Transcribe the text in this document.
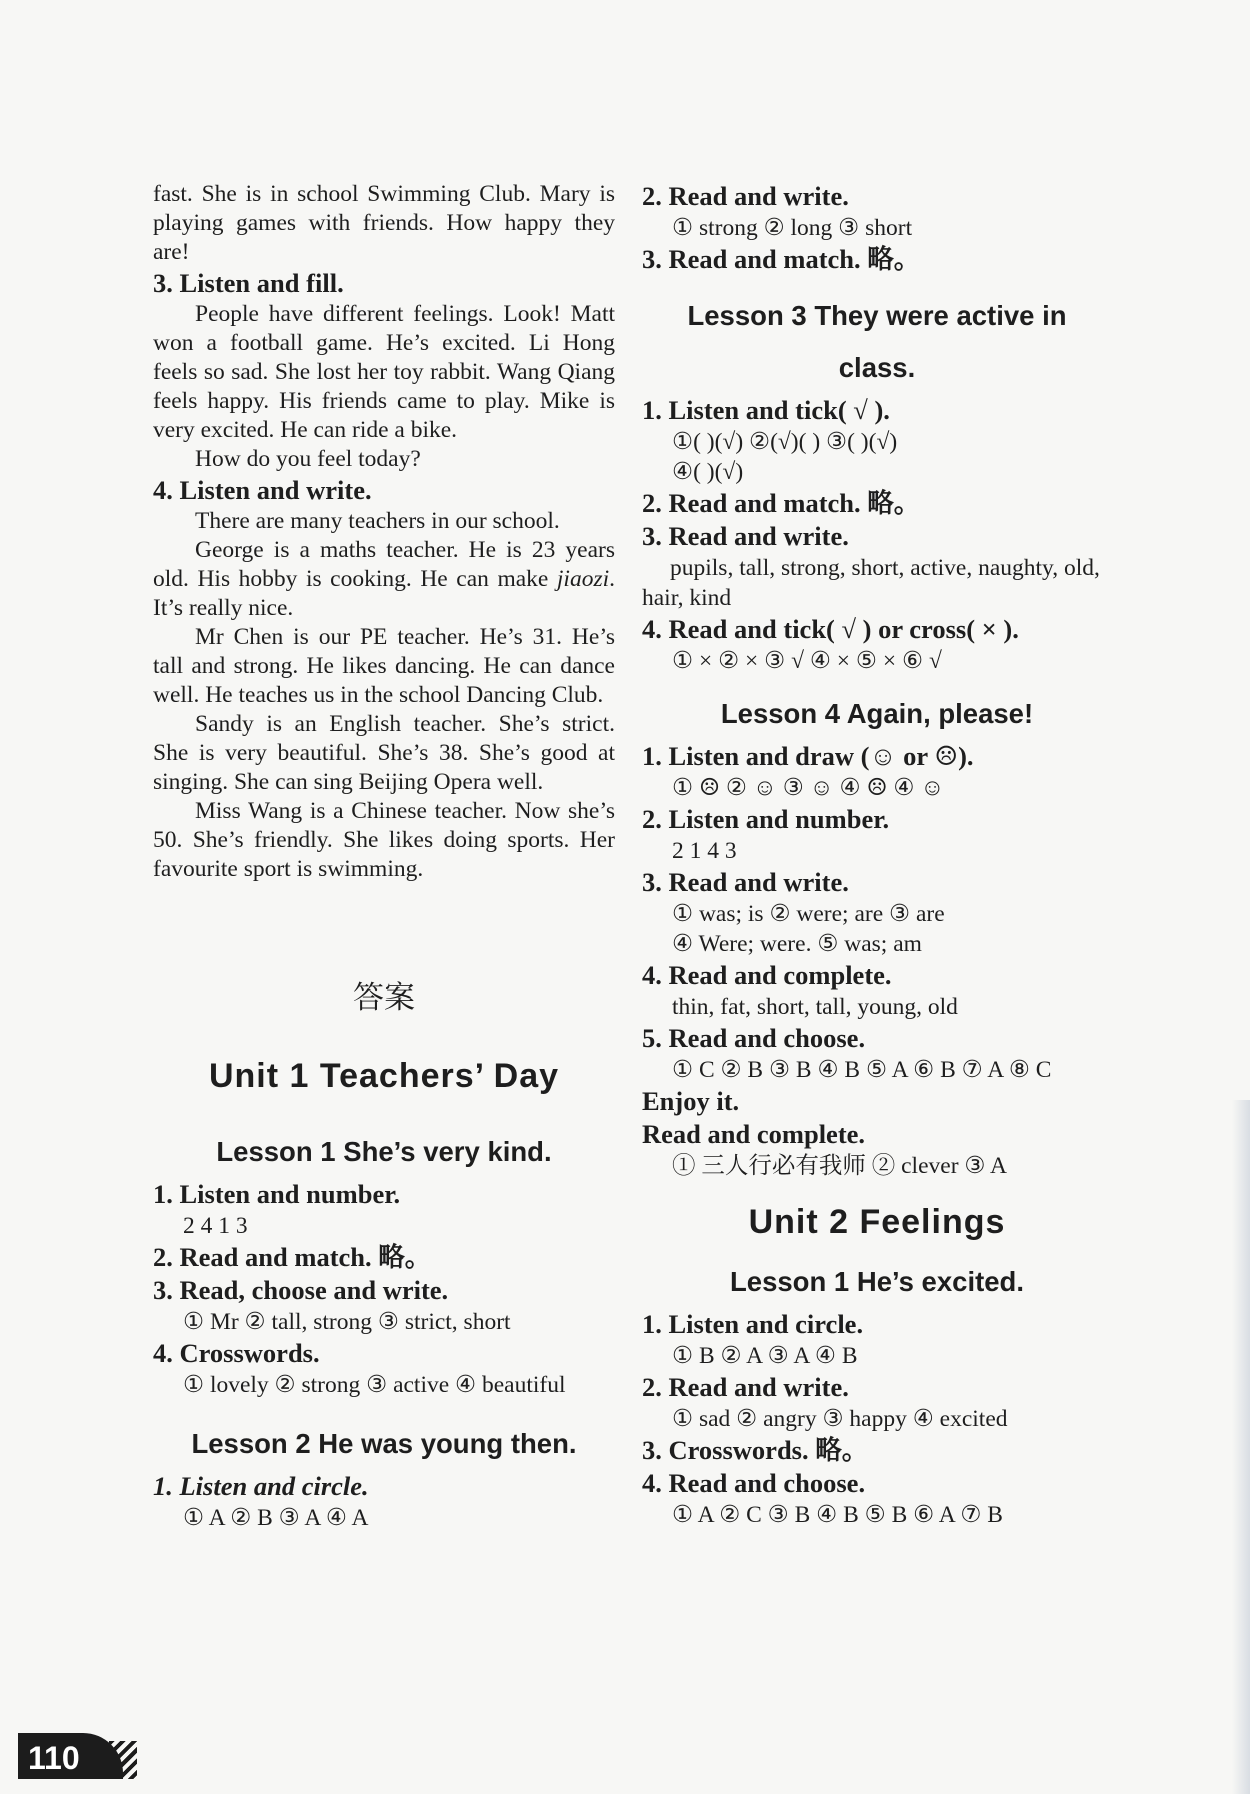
fast. She is in school Swimming Club. Mary is playing games with friends. How happy they are!

3. Listen and fill.

People have different feelings. Look! Matt won a football game. He’s excited. Li Hong feels so sad. She lost her toy rabbit. Wang Qiang feels happy. His friends came to play. Mike is very excited. He can ride a bike.

How do you feel today?

4. Listen and write.

There are many teachers in our school.

George is a maths teacher. He is 23 years old. His hobby is cooking. He can make jiaozi. It’s really nice.

Mr Chen is our PE teacher. He’s 31. He’s tall and strong. He likes dancing. He can dance well. He teaches us in the school Dancing Club.

Sandy is an English teacher. She’s strict. She is very beautiful. She’s 38. She’s good at singing. She can sing Beijing Opera well.

Miss Wang is a Chinese teacher. Now she’s 50. She’s friendly. She likes doing sports. Her favourite sport is swimming.

答案

Unit 1 Teachers’ Day

Lesson 1 She’s very kind.

1. Listen and number.

2 4 1 3

2. Read and match. 略。

3. Read, choose and write.

① Mr ② tall, strong ③ strict, short

4. Crosswords.

① lovely ② strong ③ active ④ beautiful

Lesson 2 He was young then.

1. Listen and circle.

① A ② B ③ A ④ A

2. Read and write.

① strong ② long ③ short

3. Read and match. 略。

Lesson 3 They were active in

class.

1. Listen and tick( √ ).

①( )(√) ②(√)( ) ③( )(√)

④( )(√)

2. Read and match. 略。

3. Read and write.

pupils, tall, strong, short, active, naughty, old, hair, kind

4. Read and tick( √ ) or cross( × ).

① × ② × ③ √ ④ × ⑤ × ⑥ √

Lesson 4 Again, please!

1. Listen and draw (☺ or ☹).

① ☹ ② ☺ ③ ☺ ④ ☹ ④ ☺

2. Listen and number.

2 1 4 3

3. Read and write.

① was; is ② were; are ③ are

④ Were; were. ⑤ was; am

4. Read and complete.

thin, fat, short, tall, young, old

5. Read and choose.

① C ② B ③ B ④ B ⑤ A ⑥ B ⑦ A ⑧ C

Enjoy it.

Read and complete.

① 三人行必有我师 ② clever ③ A

Unit 2 Feelings

Lesson 1 He’s excited.

1. Listen and circle.

① B ② A ③ A ④ B

2. Read and write.

① sad ② angry ③ happy ④ excited

3. Crosswords. 略。

4. Read and choose.

① A ② C ③ B ④ B ⑤ B ⑥ A ⑦ B

110
